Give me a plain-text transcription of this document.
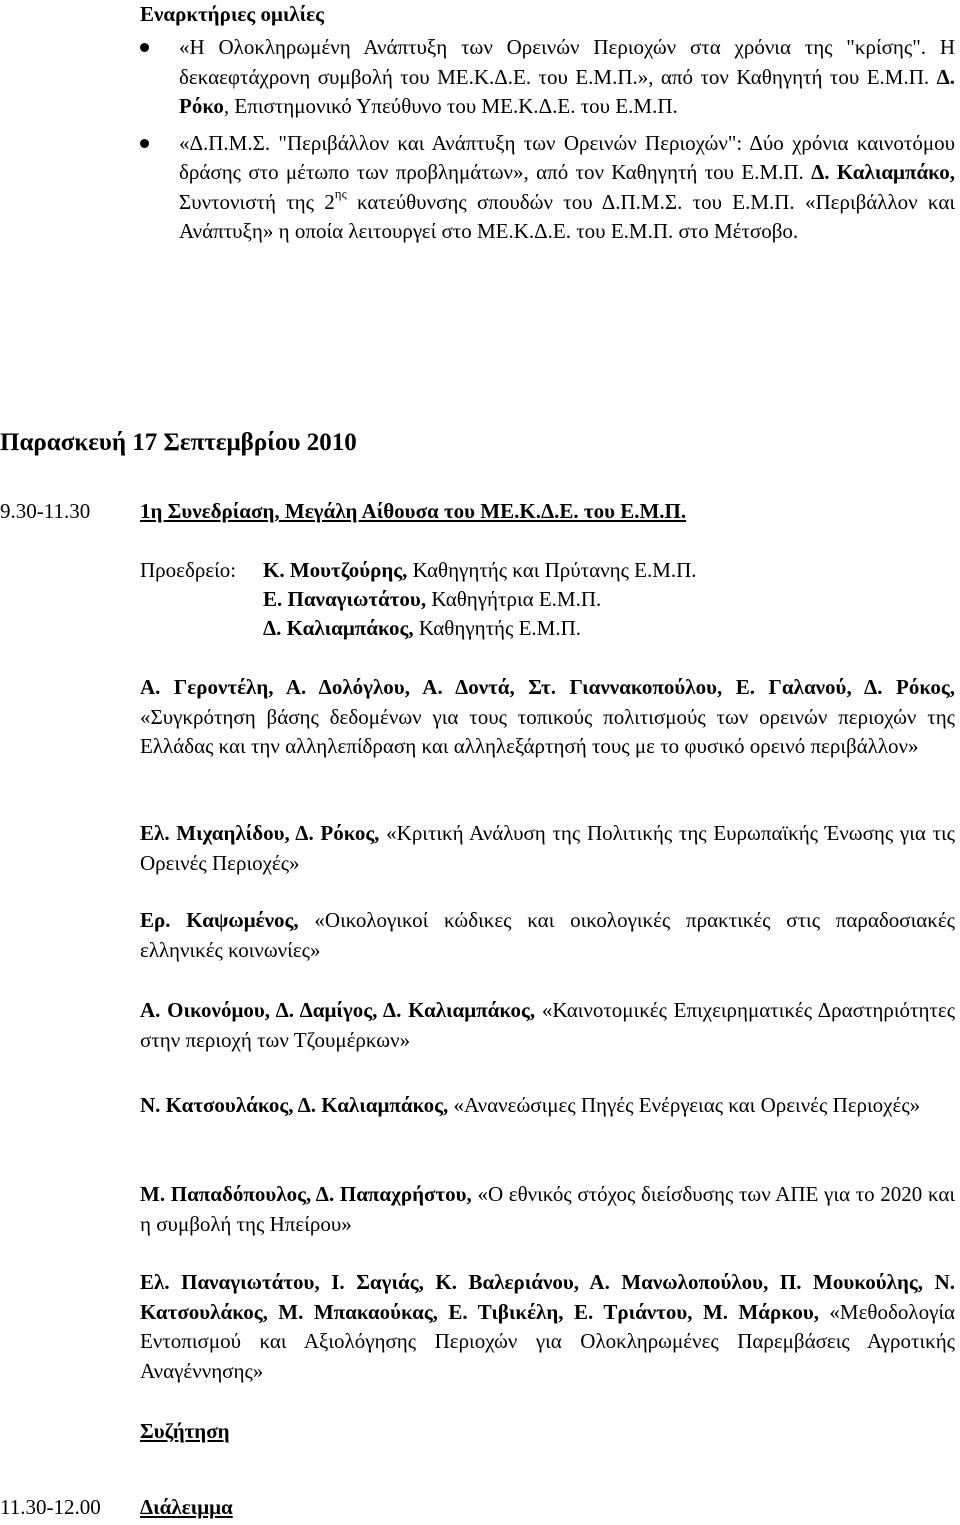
Εναρκτήριες ομιλίες

«Η Ολοκληρωμένη Ανάπτυξη των Ορεινών Περιοχών στα χρόνια της "κρίσης". Η δεκαεφτάχρονη συμβολή του ΜΕ.Κ.Δ.Ε. του Ε.Μ.Π.», από τον Καθηγητή του Ε.Μ.Π. Δ. Ρόκο, Επιστημονικό Υπεύθυνο του ΜΕ.Κ.Δ.Ε. του Ε.Μ.Π.

«Δ.Π.Μ.Σ. "Περιβάλλον και Ανάπτυξη των Ορεινών Περιοχών": Δύο χρόνια καινοτόμου δράσης στο μέτωπο των προβλημάτων», από τον Καθηγητή του Ε.Μ.Π. Δ. Καλιαμπάκο, Συντονιστή της $2^{\eta\varsigma}$ κατεύθυνσης σπουδών του Δ.Π.Μ.Σ. του Ε.Μ.Π. «Περιβάλλον και Ανάπτυξη» η οποία λειτουργεί στο ΜΕ.Κ.Δ.Ε. του Ε.Μ.Π. στο Μέτσοβο.

Παρασκευή 17 Σεπτεμβρίου 2010
9.30-11.30 1η Συνεδρίαση, Μεγάλη Αίθουσα του ΜΕ.Κ.Δ.Ε. του Ε.Μ.Π.
Προεδρείο: Κ. Μουτζούρης, Καθηγητής και Πρύτανης Ε.Μ.Π.
Ε. Παναγιωτάτου, Καθηγήτρια Ε.Μ.Π.
Δ. Καλιαμπάκος, Καθηγητής Ε.Μ.Π.

Α. Γεροντέλη, Α. Δολόγλου, Α. Δοντά, Στ. Γιαννακοπούλου, Ε. Γαλανού, Δ. Ρόκος, «Συγκρότηση βάσης δεδομένων για τους τοπικούς πολιτισμούς των ορεινών περιοχών της Ελλάδας και την αλληλεπίδραση και αλληλεξάρτησή τους με το φυσικό ορεινό περιβάλλον»

Ελ. Μιχαηλίδου, Δ. Ρόκος, «Κριτική Ανάλυση της Πολιτικής της Ευρωπαϊκής Ένωσης για τις Ορεινές Περιοχές»

Ερ. Καψωμένος, «Οικολογικοί κώδικες και οικολογικές πρακτικές στις παραδοσιακές ελληνικές κοινωνίες»

Α. Οικονόμου, Δ. Δαμίγος, Δ. Καλιαμπάκος, «Καινοτομικές Επιχειρηματικές Δραστηριότητες στην περιοχή των Τζουμέρκων»

Ν. Κατσουλάκος, Δ. Καλιαμπάκος, «Ανανεώσιμες Πηγές Ενέργειας και Ορεινές Περιοχές»

Μ. Παπαδόπουλος, Δ. Παπαχρήστου, «Ο εθνικός στόχος διείσδυσης των ΑΠΕ για το 2020 και η συμβολή της Ηπείρου»

Ελ. Παναγιωτάτου, Ι. Σαγιάς, Κ. Βαλεριάνου, Α. Μανωλοπούλου, Π. Μουκούλης, Ν. Κατσουλάκος, Μ. Μπακαούκας, Ε. Τιβικέλη, Ε. Τριάντου, Μ. Μάρκου, «Μεθοδολογία Εντοπισμού και Αξιολόγησης Περιοχών για Ολοκληρωμένες Παρεμβάσεις Αγροτικής Αναγέννησης»

Συζήτηση
11.30-12.00 Διάλειμμα
